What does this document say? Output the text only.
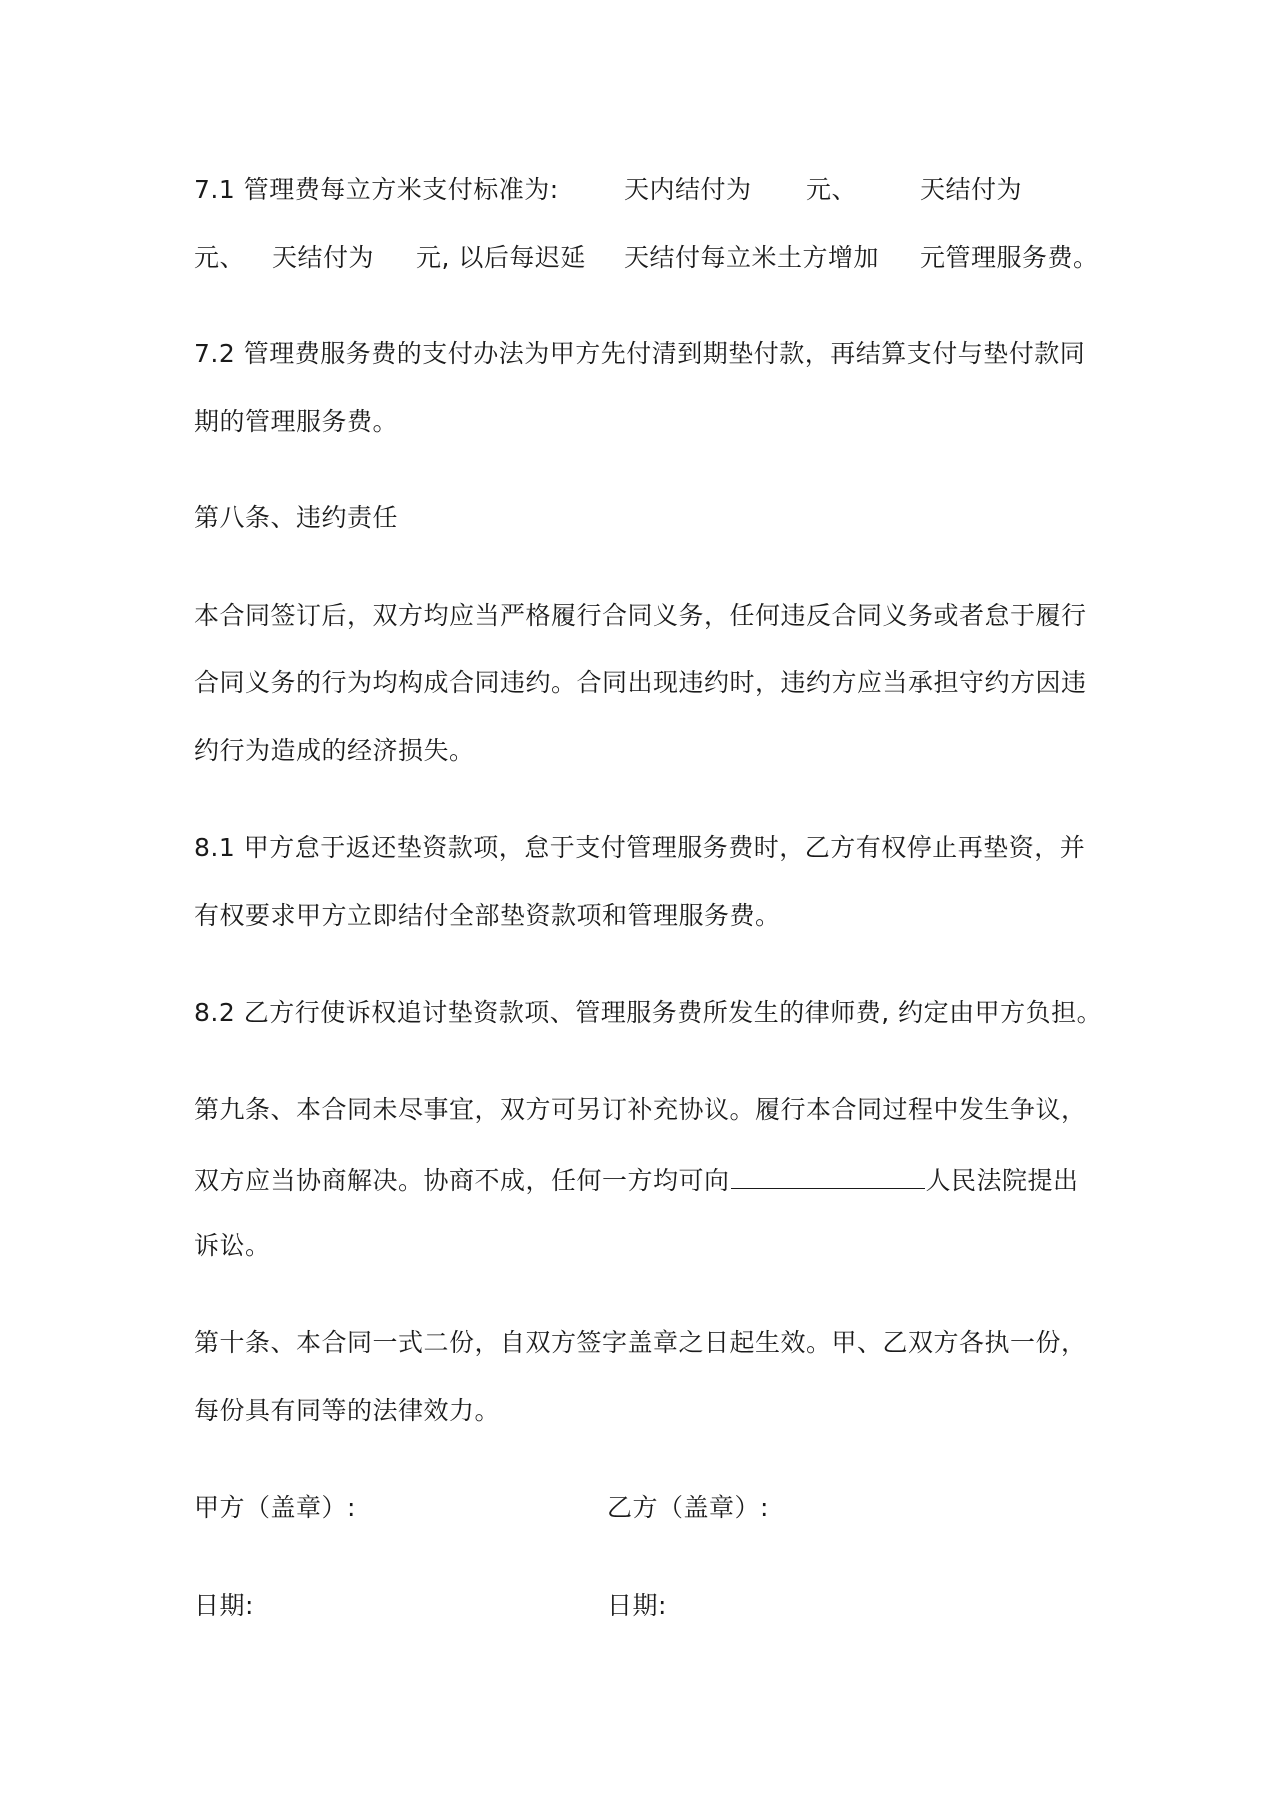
7.1 管理费每立方米支付标准为:	天内结付为 元、	天结付为
元、 天结付为 元, 以后每迟延 天结付每立米土方增加 元管理服务费。
7.2 管理费服务费的支付办法为甲方先付清到期垫付款，再结算支付与垫付款同
期的管理服务费。
第八条、违约责任
本合同签订后，双方均应当严格履行合同义务，任何违反合同义务或者怠于履行
合同义务的行为均构成合同违约。合同出现违约时，违约方应当承担守约方因违
约行为造成的经济损失。
8.1 甲方怠于返还垫资款项，怠于支付管理服务费时，乙方有权停止再垫资，并
有权要求甲方立即结付全部垫资款项和管理服务费。
8.2 乙方行使诉权追讨垫资款项、管理服务费所发生的律师费, 约定由甲方负担。
第九条、本合同未尽事宜，双方可另订补充协议。履行本合同过程中发生争议，
双方应当协商解决。协商不成，任何一方均可向	人民法院提出
诉讼。
第十条、本合同一式二份，自双方签字盖章之日起生效。甲、乙双方各执一份，
每份具有同等的法律效力。
甲方（盖章）:	乙方（盖章）:
日期:	日期:
